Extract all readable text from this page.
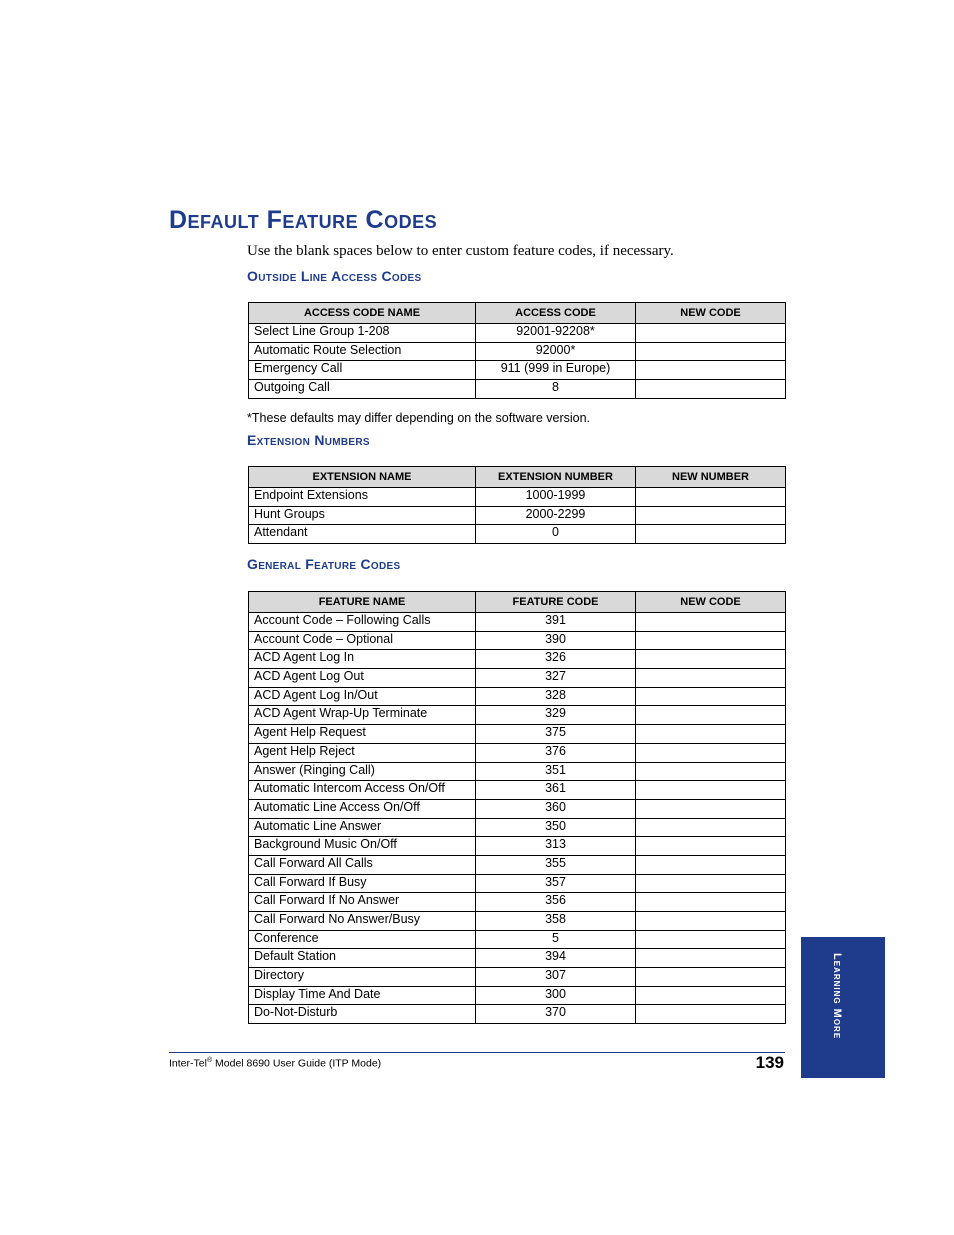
Default Feature Codes

Use the blank spaces below to enter custom feature codes, if necessary.

Outside Line Access Codes
ACCESS CODE NAME	ACCESS CODE	NEW CODE
Select Line Group 1-208	92001-92208*	
Automatic Route Selection	92000*	
Emergency Call	911 (999 in Europe)	
Outgoing Call	8	

*These defaults may differ depending on the software version.

Extension Numbers
EXTENSION NAME	EXTENSION NUMBER	NEW NUMBER
Endpoint Extensions	1000-1999	
Hunt Groups	2000-2299	
Attendant	0	
General Feature Codes
FEATURE NAME	FEATURE CODE	NEW CODE
Account Code – Following Calls	391	
Account Code – Optional	390	
ACD Agent Log In	326	
ACD Agent Log Out	327	
ACD Agent Log In/Out	328	
ACD Agent Wrap-Up Terminate	329	
Agent Help Request	375	
Agent Help Reject	376	
Answer (Ringing Call)	351	
Automatic Intercom Access On/Off	361	
Automatic Line Access On/Off	360	
Automatic Line Answer	350	
Background Music On/Off	313	
Call Forward All Calls	355	
Call Forward If Busy	357	
Call Forward If No Answer	356	
Call Forward No Answer/Busy	358	
Conference	5	
Default Station	394	
Directory	307	
Display Time And Date	300	
Do-Not-Disturb	370	
Inter-Tel® Model 8690 User Guide (ITP Mode)	139
Learning More
